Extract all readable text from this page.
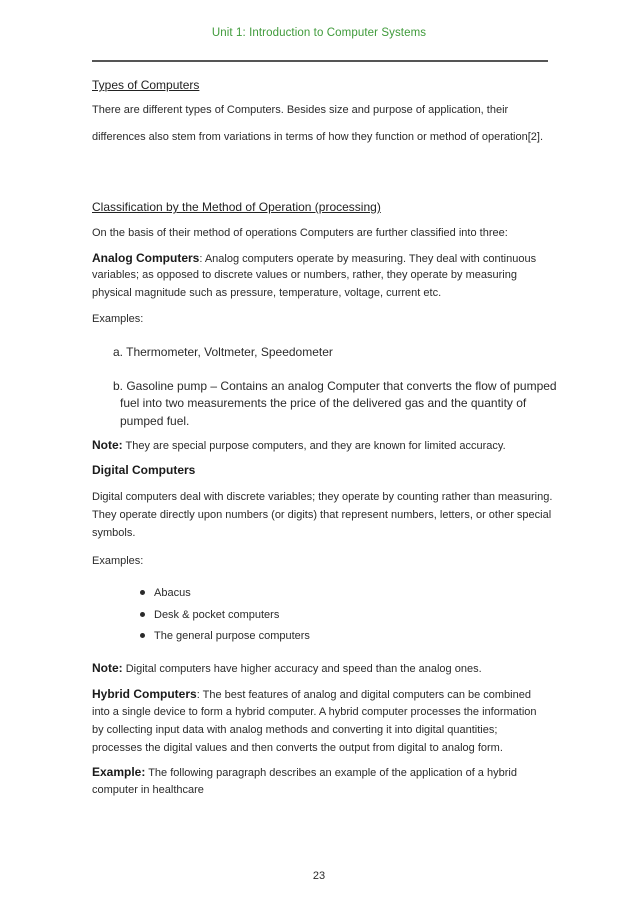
Unit 1: Introduction to Computer Systems
Types of Computers
There are different types of Computers. Besides size and purpose of application, their
differences also stem from variations in terms of how they function or method of operation[2].
Classification by the Method of Operation (processing)
On the basis of their method of operations Computers are further classified into three:
Analog Computers: Analog computers operate by measuring. They deal with continuous
variables; as opposed to discrete values or numbers, rather, they operate by measuring
physical magnitude such as pressure, temperature, voltage, current etc.
Examples:
a. Thermometer, Voltmeter, Speedometer
b. Gasoline pump – Contains an analog Computer that converts the flow of pumped
fuel into two measurements the price of the delivered gas and the quantity of
pumped fuel.
Note: They are special purpose computers, and they are known for limited accuracy.
Digital Computers
Digital computers deal with discrete variables; they operate by counting rather than measuring.
They operate directly upon numbers (or digits) that represent numbers, letters, or other special
symbols.
Examples:
Abacus
Desk & pocket computers
The general purpose computers
Note: Digital computers have higher accuracy and speed than the analog ones.
Hybrid Computers: The best features of analog and digital computers can be combined
into a single device to form a hybrid computer. A hybrid computer processes the information
by collecting input data with analog methods and converting it into digital quantities;
processes the digital values and then converts the output from digital to analog form.
Example: The following paragraph describes an example of the application of a hybrid
computer in healthcare
23
